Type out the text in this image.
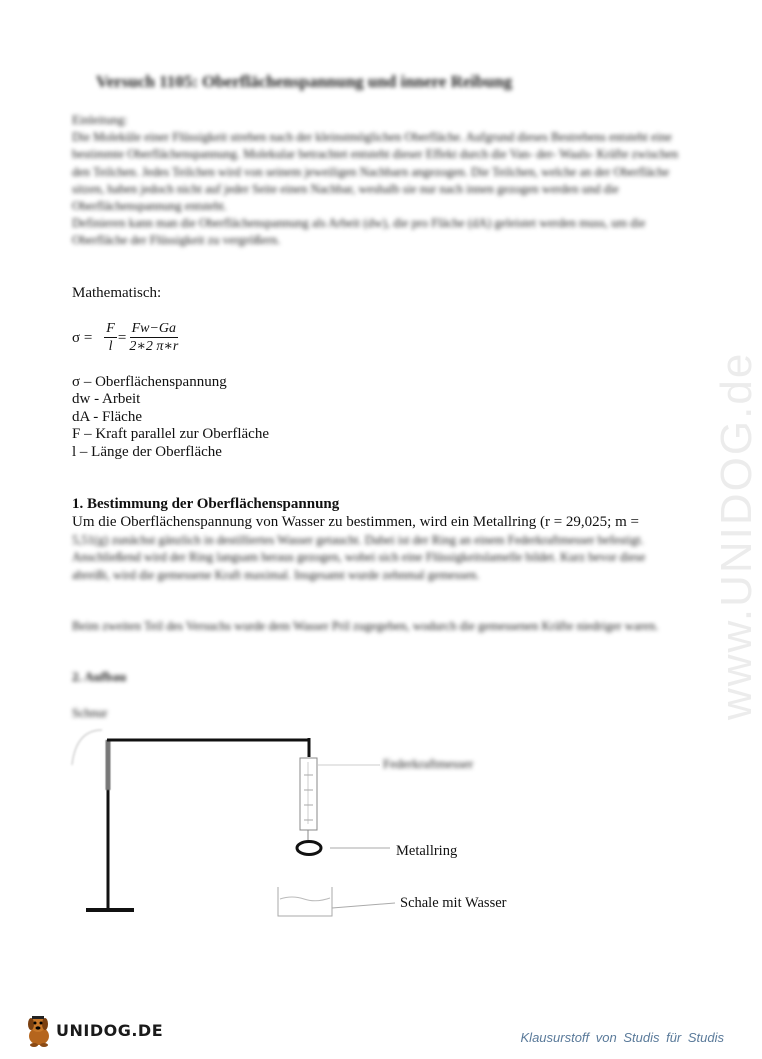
Versuch 1105: Oberflächenspannung und innere Reibung

Einleitung:

Die Moleküle einer Flüssigkeit streben nach der kleinstmöglichen Oberfläche. Aufgrund dieses Bestrebens entsteht eine bestimmte Oberflächenspannung. Molekular betrachtet entsteht dieser Effekt durch die Van- der- Waals- Kräfte zwischen den Teilchen. Jedes Teilchen wird von seinem jeweiligen Nachbarn angezogen. Die Teilchen, welche an der Oberfläche sitzen, haben jedoch nicht auf jeder Seite einen Nachbar, weshalb sie nur nach innen gezogen werden und die Oberflächenspannung entsteht.

Definieren kann man die Oberflächenspannung als Arbeit (dw), die pro Fläche (dA) geleistet werden muss, um die Oberfläche der Flüssigkeit zu vergrößern.

Mathematisch:
$\sigma = \frac{F}{l} = \frac{Fw-Ga}{2∗2 \pi∗r}$
σ – Oberflächenspannung
dw - Arbeit
dA - Fläche
F – Kraft parallel zur Oberfläche
l – Länge der Oberfläche
1. Bestimmung der Oberflächenspannung
Um die Oberflächenspannung von Wasser zu bestimmen, wird ein Metallring (r = 29,025; m =

5,51(g) zunächst gänzlich in destilliertes Wasser getaucht. Dabei ist der Ring an einem Federkraftmesser befestigt.

Anschließend wird der Ring langsam heraus gezogen, wobei sich eine Flüssigkeitslamelle bildet. Kurz bevor diese abreißt, wird die gemessene Kraft maximal. Insgesamt wurde zehnmal gemessen.

Beim zweiten Teil des Versuchs wurde dem Wasser Pril zugegeben, wodurch die gemessenen Kräfte niedriger waren.
2. Aufbau
Schnur
Federkraftmesser
Metallring
Schale mit Wasser
www.UNIDOG.de
UNIDOG.DE	Klausurstoff von Studis für Studis
